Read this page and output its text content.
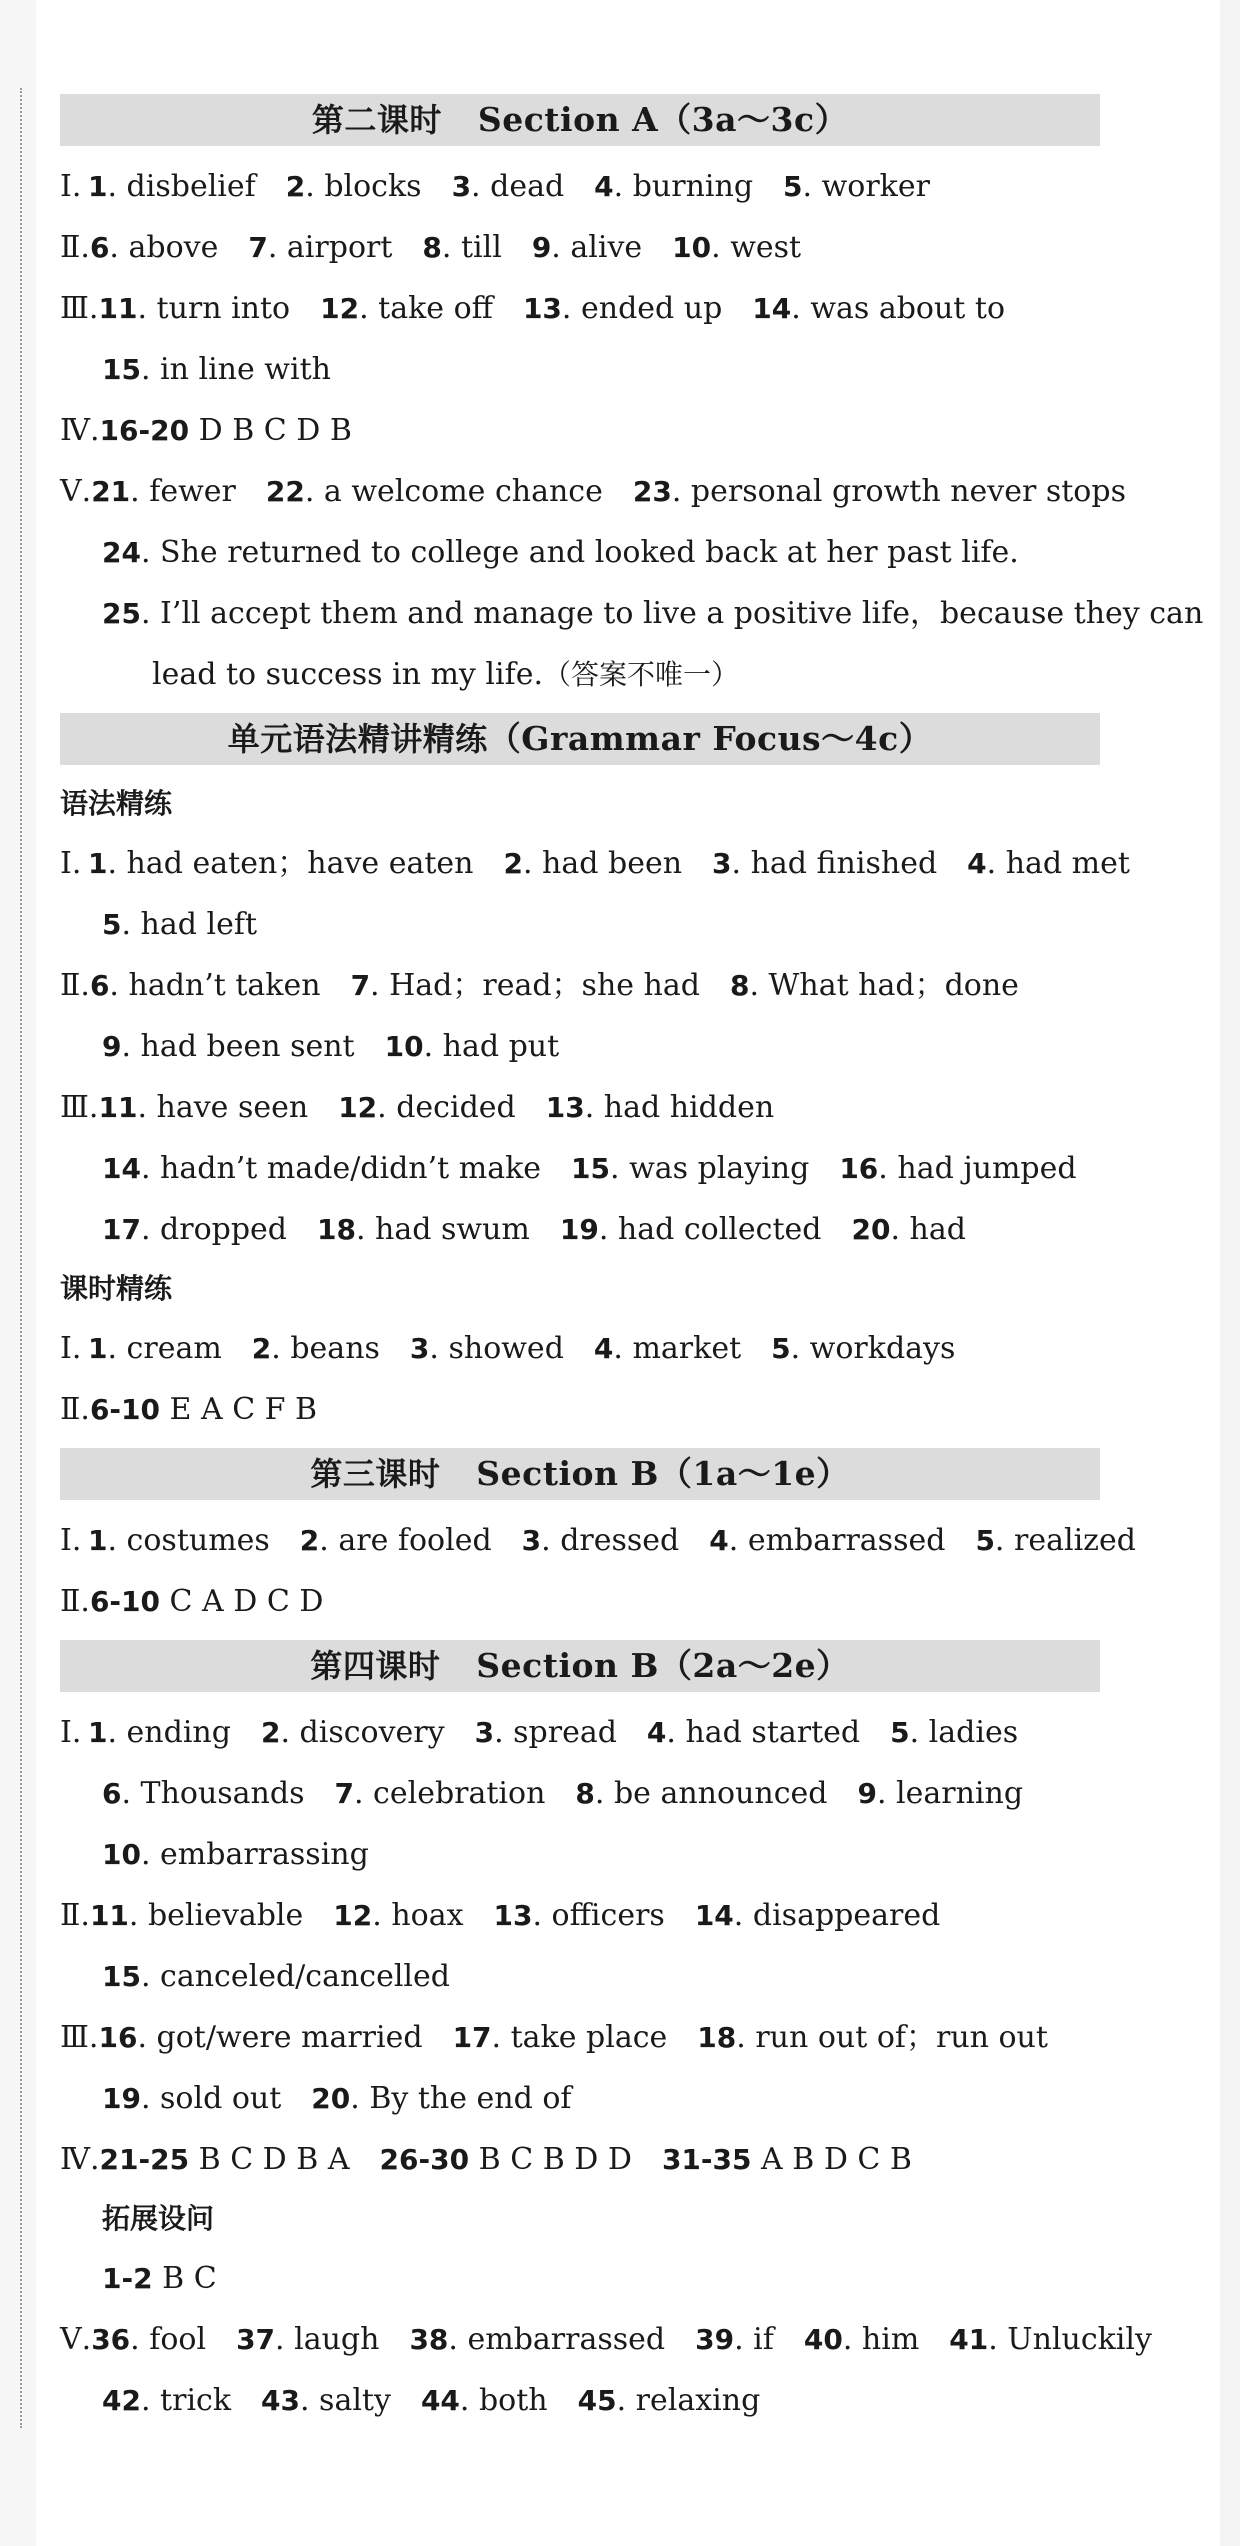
第二课时 Section A（3a～3c）
Ⅰ. 1. disbelief 2. blocks 3. dead 4. burning 5. worker
Ⅱ.6. above 7. airport 8. till 9. alive 10. west
Ⅲ.11. turn into 12. take off 13. ended up 14. was about to
15. in line with
Ⅳ.16-20 D B C D B
Ⅴ.21. fewer 22. a welcome chance 23. personal growth never stops
24. She returned to college and looked back at her past life.
25. I’ll accept them and manage to live a positive life，because they can
lead to success in my life.（答案不唯一）
单元语法精讲精练（Grammar Focus～4c）
语法精练
Ⅰ. 1. had eaten；have eaten 2. had been 3. had finished 4. had met
5. had left
Ⅱ.6. hadn’t taken 7. Had；read；she had 8. What had；done
9. had been sent 10. had put
Ⅲ.11. have seen 12. decided 13. had hidden
14. hadn’t made/didn’t make 15. was playing 16. had jumped
17. dropped 18. had swum 19. had collected 20. had
课时精练
Ⅰ. 1. cream 2. beans 3. showed 4. market 5. workdays
Ⅱ.6-10 E A C F B
第三课时 Section B（1a～1e）
Ⅰ. 1. costumes 2. are fooled 3. dressed 4. embarrassed 5. realized
Ⅱ.6-10 C A D C D
第四课时 Section B（2a～2e）
Ⅰ. 1. ending 2. discovery 3. spread 4. had started 5. ladies
6. Thousands 7. celebration 8. be announced 9. learning
10. embarrassing
Ⅱ.11. believable 12. hoax 13. officers 14. disappeared
15. canceled/cancelled
Ⅲ.16. got/were married 17. take place 18. run out of；run out
19. sold out 20. By the end of
Ⅳ.21-25 B C D B A 26-30 B C B D D 31-35 A B D C B
拓展设问
1-2 B C
Ⅴ.36. fool 37. laugh 38. embarrassed 39. if 40. him 41. Unluckily
42. trick 43. salty 44. both 45. relaxing
